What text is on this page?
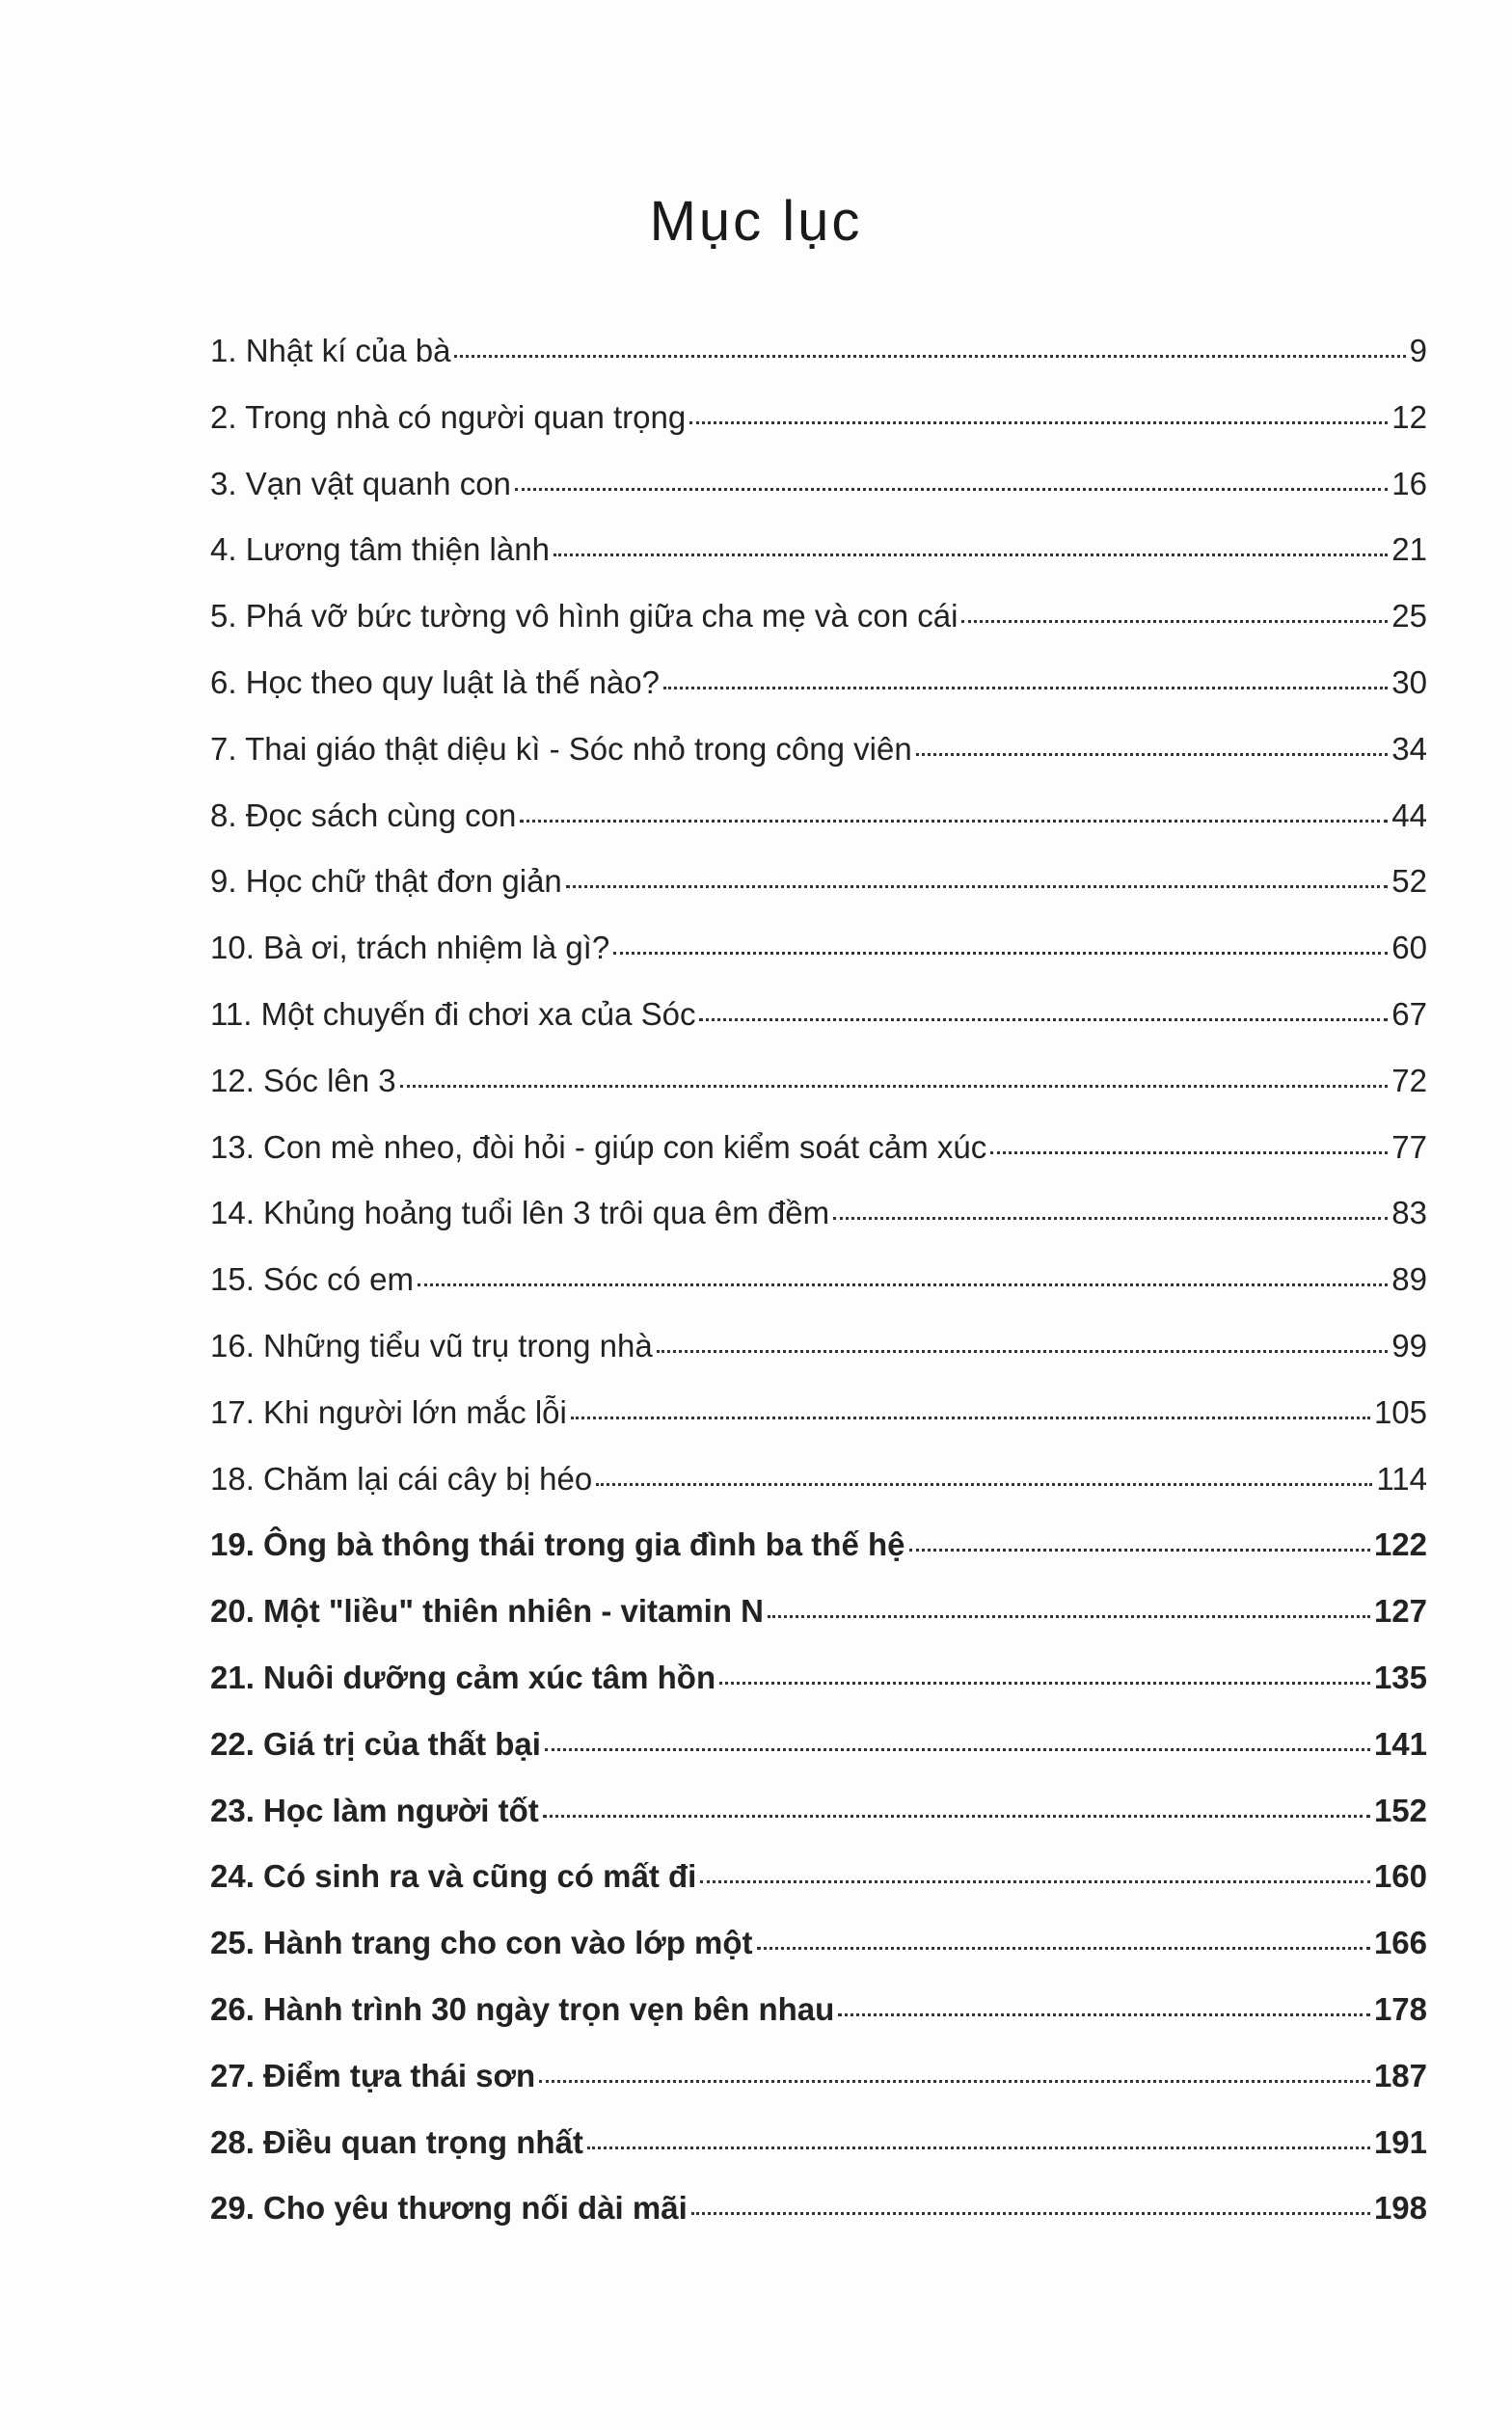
Mục lục
1. Nhật kí của bà	9
2. Trong nhà có người quan trọng	12
3. Vạn vật quanh con	16
4. Lương tâm thiện lành	21
5. Phá vỡ bức tường vô hình giữa cha mẹ và con cái	25
6. Học theo quy luật là thế nào?	30
7. Thai giáo thật diệu kì - Sóc nhỏ trong công viên	34
8. Đọc sách cùng con	44
9. Học chữ thật đơn giản	52
10. Bà ơi, trách nhiệm là gì?	60
11. Một chuyến đi chơi xa của Sóc	67
12. Sóc lên 3	72
13. Con mè nheo, đòi hỏi - giúp con kiểm soát cảm xúc	77
14. Khủng hoảng tuổi lên 3 trôi qua êm đềm	83
15. Sóc có em	89
16. Những tiểu vũ trụ trong nhà	99
17. Khi người lớn mắc lỗi	105
18. Chăm lại cái cây bị héo	114
19. Ông bà thông thái trong gia đình ba thế hệ	122
20. Một "liều" thiên nhiên - vitamin N	127
21. Nuôi dưỡng cảm xúc tâm hồn	135
22. Giá trị của thất bại	141
23. Học làm người tốt	152
24. Có sinh ra và cũng có mất đi	160
25. Hành trang cho con vào lớp một	166
26. Hành trình 30 ngày trọn vẹn bên nhau	178
27. Điểm tựa thái sơn	187
28. Điều quan trọng nhất	191
29. Cho yêu thương nối dài mãi	198
